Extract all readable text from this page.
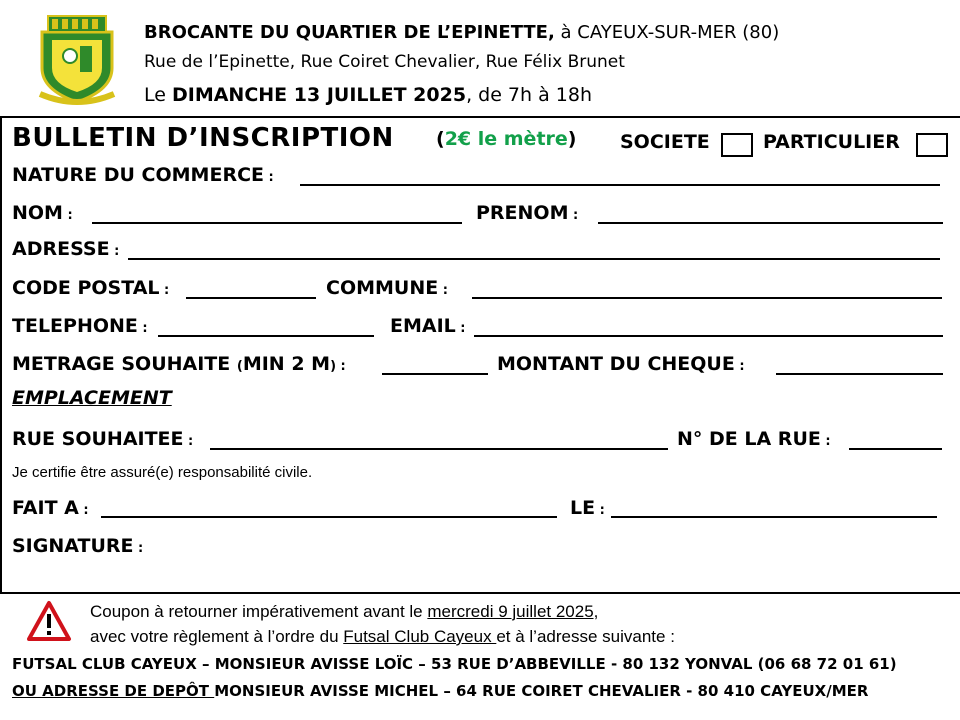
BROCANTE DU QUARTIER DE L’EPINETTE, à CAYEUX-SUR-MER (80)
Rue de l’Epinette, Rue Coiret Chevalier, Rue Félix Brunet
Le DIMANCHE 13 JUILLET 2025, de 7h à 18h
BULLETIN D’INSCRIPTION (2€ le mètre) SOCIETE	PARTICULIER
NATURE DU COMMERCE :
NOM :	PRENOM :
ADRESSE :
CODE POSTAL :	COMMUNE :
TELEPHONE :	EMAIL :
METRAGE SOUHAITE (MIN 2 M) :	MONTANT DU CHEQUE :
EMPLACEMENT
RUE SOUHAITEE :	N° DE LA RUE :
Je certifie être assuré(e) responsabilité civile.
FAIT A :	LE :
SIGNATURE :
Coupon à retourner impérativement avant le mercredi 9 juillet 2025,
avec votre règlement à l’ordre du Futsal Club Cayeux et à l’adresse suivante :
FUTSAL CLUB CAYEUX – MONSIEUR AVISSE LOÏC – 53 RUE D’ABBEVILLE - 80 132 YONVAL (06 68 72 01 61)
OU ADRESSE DE DEPÔT MONSIEUR AVISSE MICHEL – 64 RUE COIRET CHEVALIER - 80 410 CAYEUX/MER
